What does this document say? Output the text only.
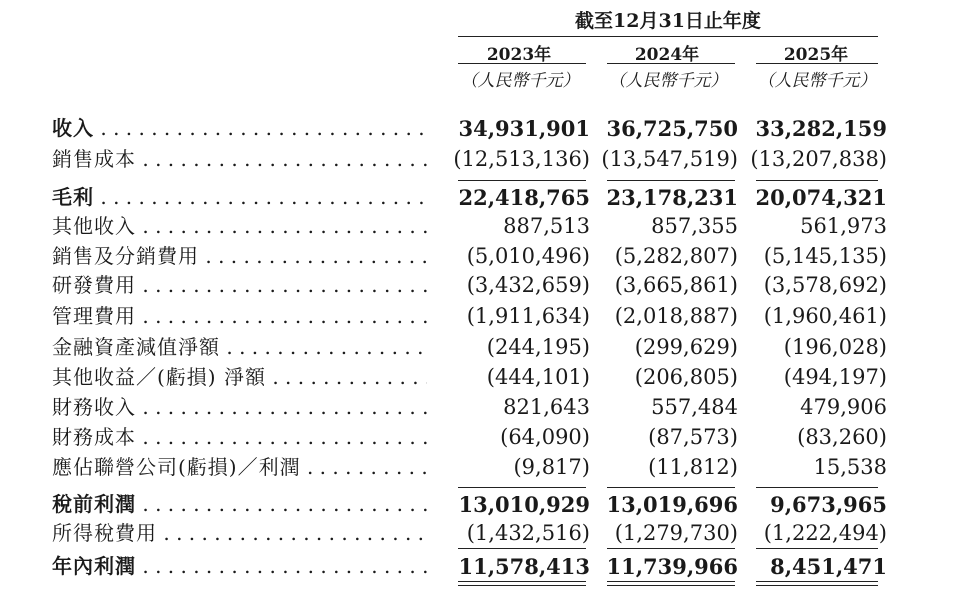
截至12月31日止年度
2023年	2024年	2025年
（人民幣千元）	（人民幣千元）	（人民幣千元）
收入 . . .	34,931,901 36,725,750 33,282,159
銷售成本 . . .	(12,513,136) (13,547,519) (13,207,838)
毛利 . . .	22,418,765 23,178,231 20,074,321
其他收入 . . .	887,513	857,355	561,973
銷售及分銷費用 . . .	(5,010,496)	(5,282,807)	(5,145,135)
研發費用 . . .	(3,432,659)	(3,665,861)	(3,578,692)
管理費用 . . .	(1,911,634)	(2,018,887)	(1,960,461)
金融資產減值淨額 . . .	(244,195)	(299,629)	(196,028)
其他收益／(虧損) 淨額 . . .	(444,101)	(206,805)	(494,197)
財務收入 . . .	821,643	557,484	479,906
財務成本 . . .	(64,090)	(87,573)	(83,260)
應佔聯營公司(虧損)／利潤 . . .	(9,817)	(11,812)	15,538
稅前利潤 . . .	13,010,929 13,019,696	9,673,965
所得稅費用 . . .	(1,432,516)	(1,279,730)	(1,222,494)
年內利潤 . . .	11,578,413 11,739,966	8,451,471
